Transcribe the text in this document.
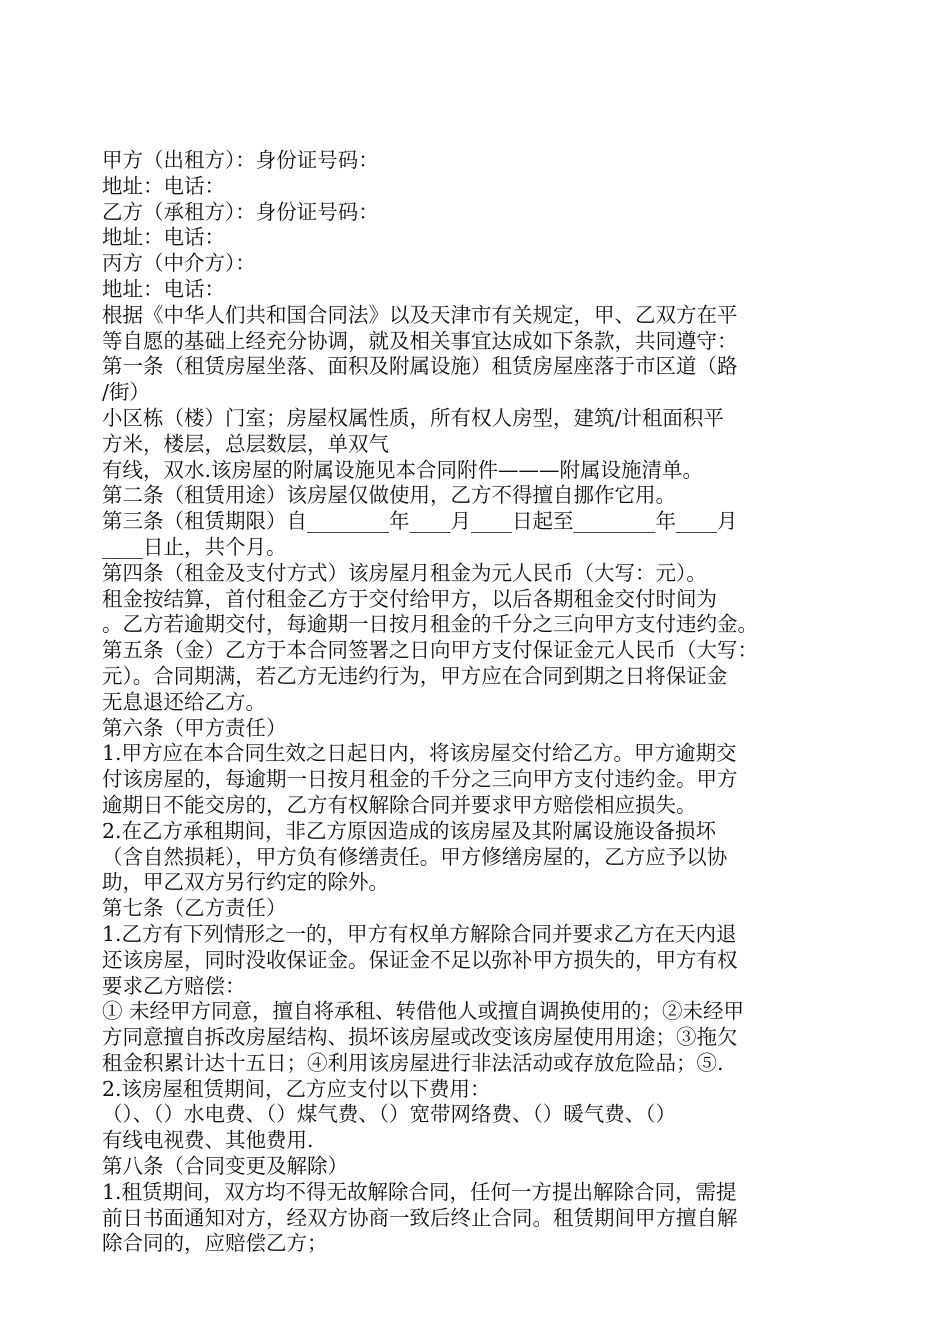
甲方（出租方）：身份证号码：
地址：电话：
乙方（承租方）：身份证号码：
地址：电话：
丙方（中介方）：
地址：电话：
根据《中华人们共和国合同法》以及天津市有关规定，甲、乙双方在平
等自愿的基础上经充分协调，就及相关事宜达成如下条款，共同遵守：
第一条（租赁房屋坐落、面积及附属设施）租赁房屋座落于市区道（路
/街）
小区栋（楼）门室；房屋权属性质，所有权人房型，建筑/计租面积平
方米，楼层，总层数层，单双气
有线，双水.该房屋的附属设施见本合同附件———附属设施清单。
第二条（租赁用途）该房屋仅做使用，乙方不得擅自挪作它用。
第三条（租赁期限）自________年____月____日起至________年____月
____日止，共个月。
第四条（租金及支付方式）该房屋月租金为元人民币（大写：元）。
租金按结算，首付租金乙方于交付给甲方，以后各期租金交付时间为
。乙方若逾期交付，每逾期一日按月租金的千分之三向甲方支付违约金。
第五条（金）乙方于本合同签署之日向甲方支付保证金元人民币（大写：
元）。合同期满，若乙方无违约行为，甲方应在合同到期之日将保证金
无息退还给乙方。
第六条（甲方责任）
1.甲方应在本合同生效之日起日内，将该房屋交付给乙方。甲方逾期交
付该房屋的，每逾期一日按月租金的千分之三向甲方支付违约金。甲方
逾期日不能交房的，乙方有权解除合同并要求甲方赔偿相应损失。
2.在乙方承租期间，非乙方原因造成的该房屋及其附属设施设备损坏
（含自然损耗），甲方负有修缮责任。甲方修缮房屋的，乙方应予以协
助，甲乙双方另行约定的除外。
第七条（乙方责任）
1.乙方有下列情形之一的，甲方有权单方解除合同并要求乙方在天内退
还该房屋，同时没收保证金。保证金不足以弥补甲方损失的，甲方有权
要求乙方赔偿：
① 未经甲方同意，擅自将承租、转借他人或擅自调换使用的；②未经甲
方同意擅自拆改房屋结构、损坏该房屋或改变该房屋使用用途；③拖欠
租金积累计达十五日；④利用该房屋进行非法活动或存放危险品；⑤.
2.该房屋租赁期间，乙方应支付以下费用：
（）、（）水电费、（）煤气费、（）宽带网络费、（）暖气费、（）
有线电视费、其他费用.
第八条（合同变更及解除）
1.租赁期间，双方均不得无故解除合同，任何一方提出解除合同，需提
前日书面通知对方，经双方协商一致后终止合同。租赁期间甲方擅自解
除合同的，应赔偿乙方；
